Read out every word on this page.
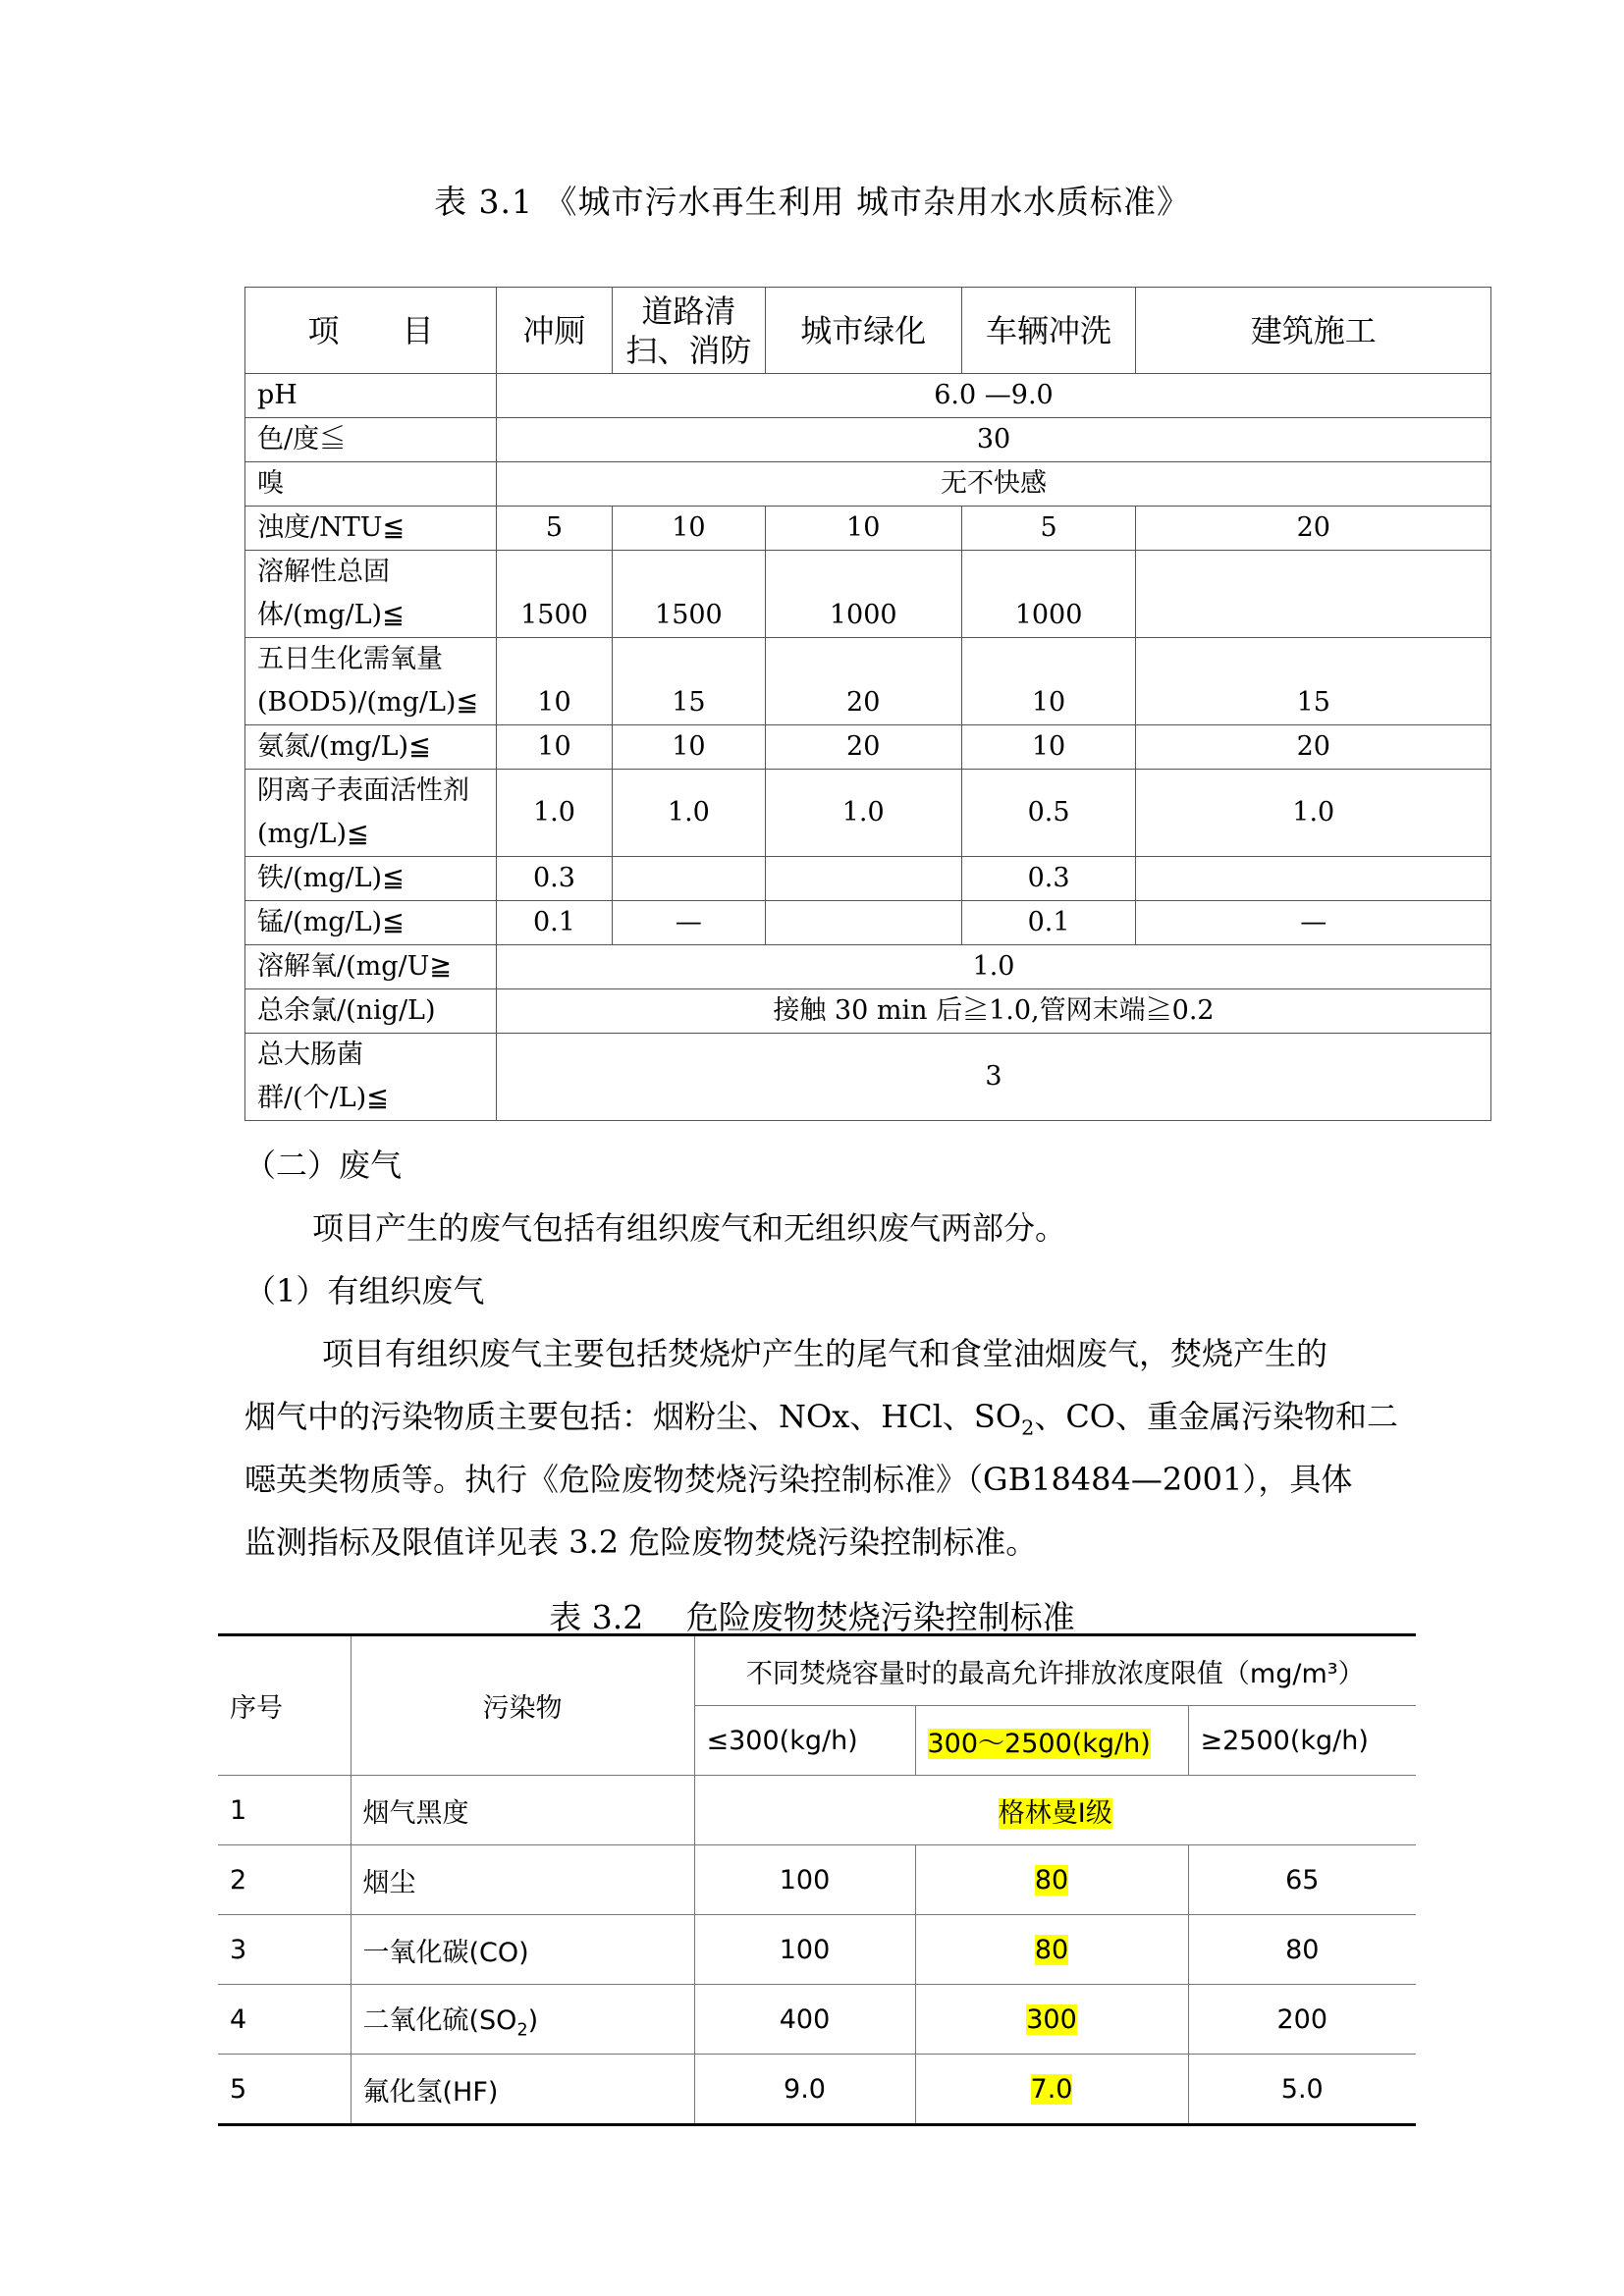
表 3.1 《城市污水再生利用 城市杂用水水质标准》
项　　目	冲厕	道路清扫、消防	城市绿化	车辆冲洗	建筑施工
pH	6.0 —9.0				
色/度≦	30				
嗅	无不快感				
浊度/NTU≦	5	10	10	5	20
溶解性总固体/(mg/L)≦	1500	1500	1000	1000	
五日生化需氧量(BOD5)/(mg/L)≦	10	15	20	10	15
氨氮/(mg/L)≦	10	10	20	10	20
阴离子表面活性剂(mg/L)≦	1.0	1.0	1.0	0.5	1.0
铁/(mg/L)≦	0.3			0.3	
锰/(mg/L)≦	0.1	—		0.1	—
溶解氧/(mg/U≧	1.0				
总余氯/(nig/L)	接触 30 min 后≧1.0,管网末端≧0.2				
总大肠菌群/(个/L)≦	3				
（二）废气
项目产生的废气包括有组织废气和无组织废气两部分。
（1）有组织废气
项目有组织废气主要包括焚烧炉产生的尾气和食堂油烟废气，焚烧产生的
烟气中的污染物质主要包括：烟粉尘、NOx、HCl、$SO_2$、CO、重金属污染物和二
噁英类物质等。执行《危险废物焚烧污染控制标准》（GB18484—2001），具体
监测指标及限值详见表 3.2 危险废物焚烧污染控制标准。
表 3.2　 危险废物焚烧污染控制标准
序号	污染物	不同焚烧容量时的最高允许排放浓度限值（mg/m³）		
		≤300(kg/h)	300～2500(kg/h)	≥2500(kg/h)
1	烟气黑度	格林曼Ⅰ级		
2	烟尘	100	80	65
3	一氧化碳(CO)	100	80	80
4	二氧化硫$(SO_2)$	400	300	200
5	氟化氢(HF)	9.0	7.0	5.0
